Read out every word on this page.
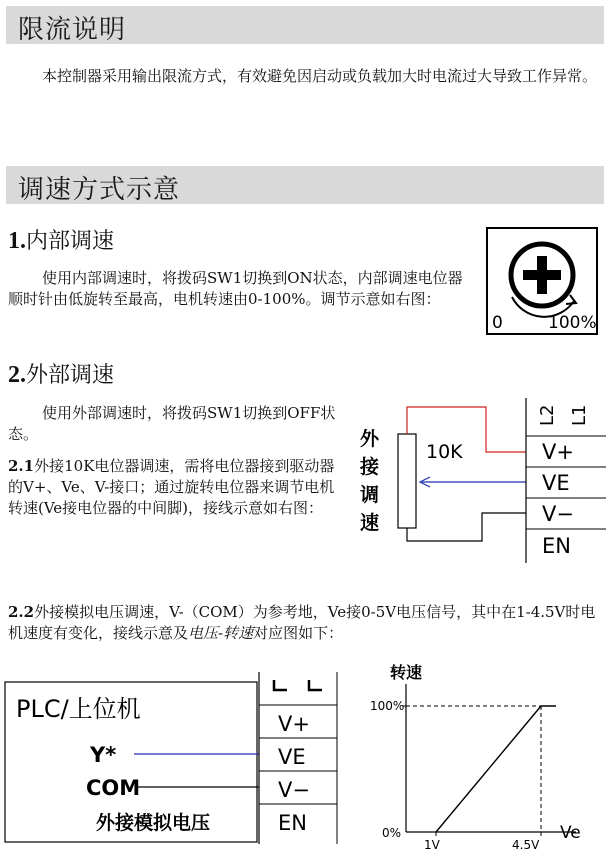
限流说明

本控制器采用输出限流方式，有效避免因启动或负载加大时电流过大导致工作异常。

调速方式示意
1.内部调速

使用内部调速时，将拨码SW1切换到ON状态，内部调速电位器顺时针由低旋转至最高，电机转速由0-100%。调节示意如右图：

0	100%
2.外部调速

使用外部调速时，将拨码SW1切换到OFF状态。

2.1外接10K电位器调速，需将电位器接到驱动器的V+、Ve、V-接口；通过旋转电位器来调节电机转速(Ve接电位器的中间脚)，接线示意如右图：

外
接
调
速
10K
L2 L1
V+
VE
V−
EN

2.2外接模拟电压调速，V-（COM）为参考地，Ve接0-5V电压信号，其中在1-4.5V时电机速度有变化，接线示意及电压-转速对应图如下：

PLC/上位机
Y*
COM
外接模拟电压
V+
VE
V−
EN
转速
100%
0%
1V	4.5V
Ve
